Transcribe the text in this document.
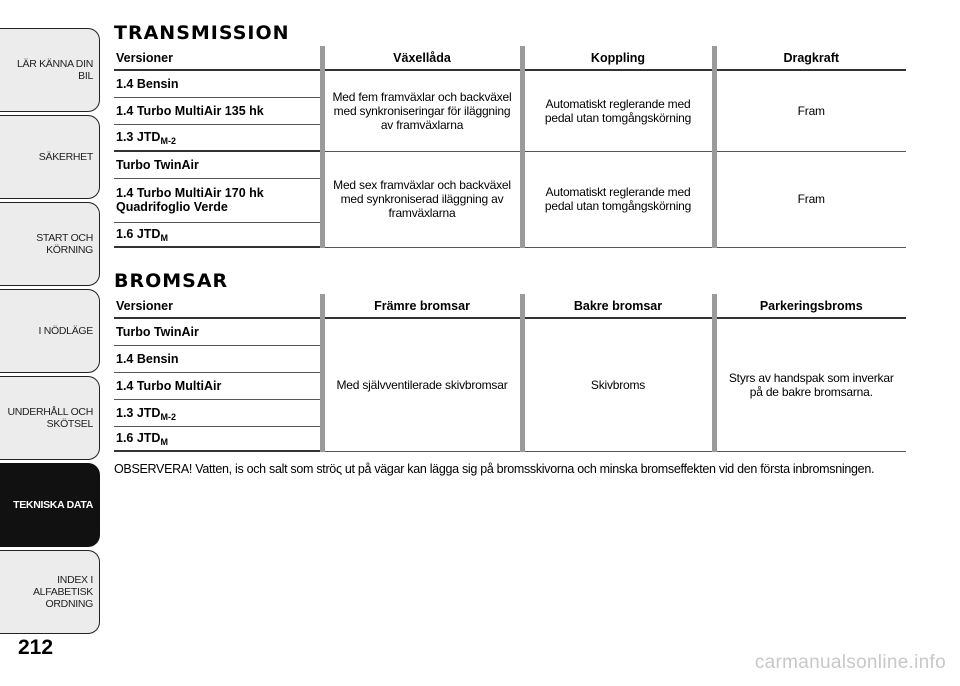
LÄR KÄNNA DIN BIL
SÄKERHET
START OCH KÖRNING
I NÖDLÄGE
UNDERHÅLL OCH SKÖTSEL
TEKNISKA DATA
INDEX I ALFABETISK ORDNING
212
TRANSMISSION
Versioner	Växellåda	Koppling	Dragkraft
1.4 Bensin	Med fem framväxlar och backväxel med synkroniseringar för iläggning av framväxlarna	Automatiskt reglerande med pedal utan tomgångskörning	Fram
1.4 Turbo MultiAir 135 hk			
1.3 $JTD_{M-2}$
Turbo TwinAir	Med sex framväxlar och backväxel med synkroniserad iläggning av framväxlarna	Automatiskt reglerande med pedal utan tomgångskörning	Fram
1.4 Turbo MultiAir 170 hk Quadrifoglio Verde			
1.6 $JTD_M$
BROMSAR
Versioner	Främre bromsar	Bakre bromsar	Parkeringsbroms
Turbo TwinAir	Med självventilerade skivbromsar	Skivbroms	Styrs av handspak som inverkar på de bakre bromsarna.
1.4 Bensin			
1.4 Turbo MultiAir			
1.3 $JTD_{M-2}$
1.6 $JTD_M$

OBSERVERA! Vatten, is och salt som ströς ut på vägar kan lägga sig på bromsskivorna och minska bromseffekten vid den första inbromsningen.

carmanualsonline.info
